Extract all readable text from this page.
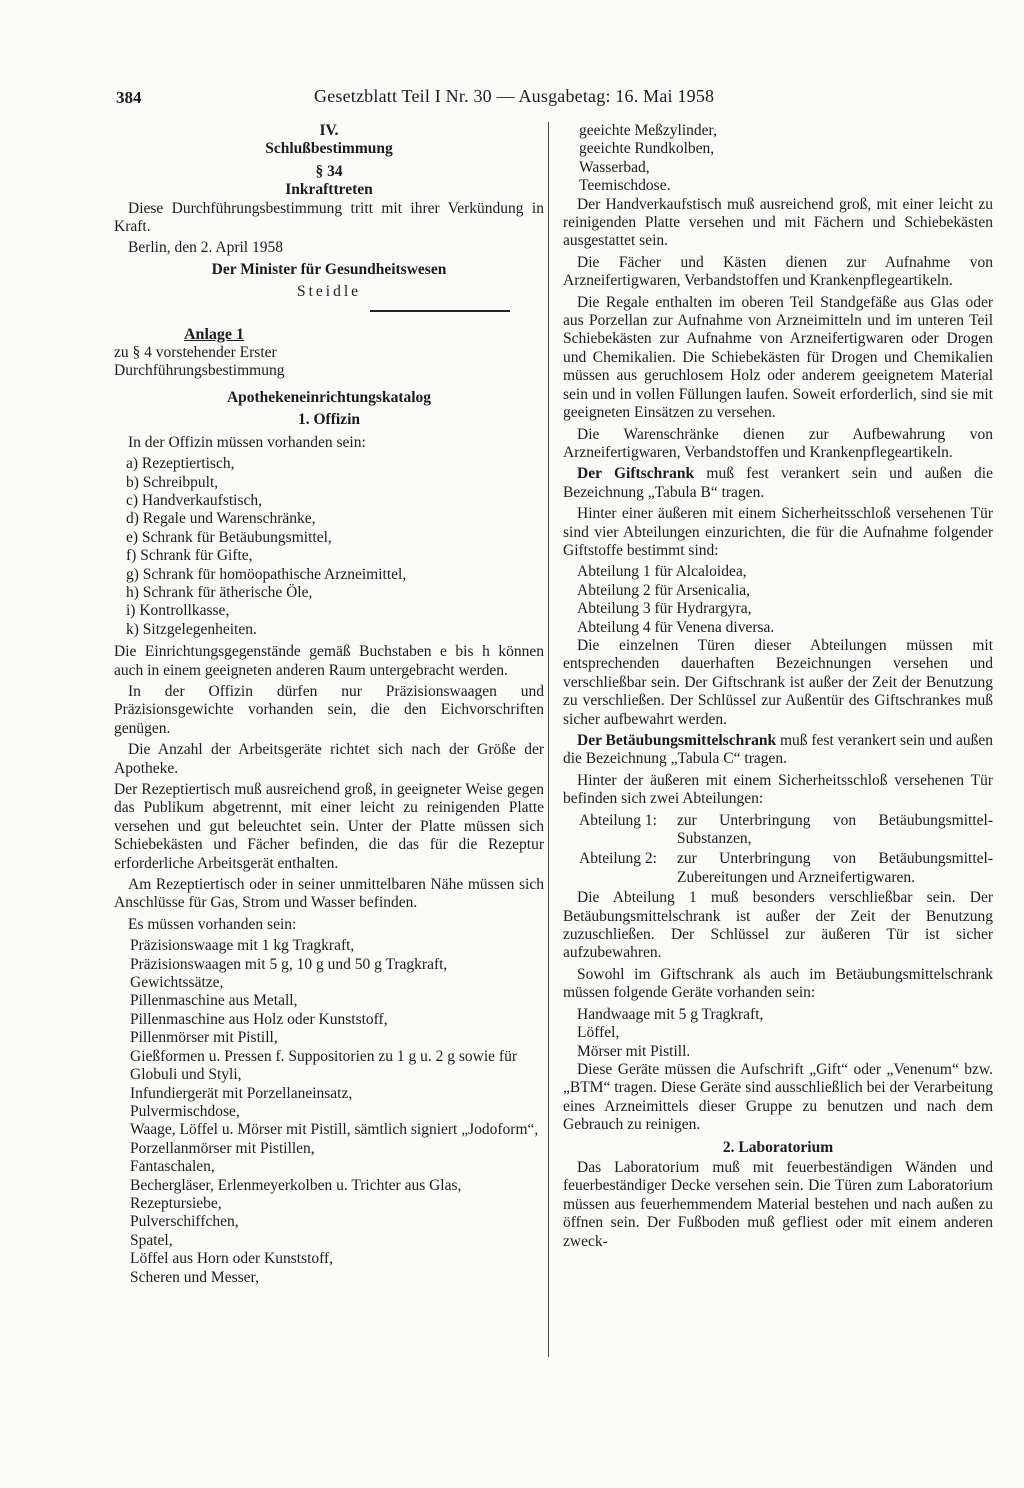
384	Gesetzblatt Teil I Nr. 30 — Ausgabetag: 16. Mai 1958
IV.
Schlußbestimmung
§ 34
Inkrafttreten

Diese Durchführungsbestimmung tritt mit ihrer Verkündung in Kraft.

Berlin, den 2. April 1958

Der Minister für Gesundheitswesen
Steidle
Anlage 1
zu § 4 vorstehender Erster
Durchführungsbestimmung
Apothekeneinrichtungskatalog
1. Offizin

In der Offizin müssen vorhanden sein:

a) Rezeptiertisch,
b) Schreibpult,
c) Handverkaufstisch,
d) Regale und Warenschränke,
e) Schrank für Betäubungsmittel,
f) Schrank für Gifte,
g) Schrank für homöopathische Arzneimittel,
h) Schrank für ätherische Öle,
i) Kontrollkasse,
k) Sitzgelegenheiten.

Die Einrichtungsgegenstände gemäß Buchstaben e bis h können auch in einem geeigneten anderen Raum untergebracht werden.

In der Offizin dürfen nur Präzisionswaagen und Präzisionsgewichte vorhanden sein, die den Eichvorschriften genügen.

Die Anzahl der Arbeitsgeräte richtet sich nach der Größe der Apotheke.

Der Rezeptiertisch muß ausreichend groß, in geeigneter Weise gegen das Publikum abgetrennt, mit einer leicht zu reinigenden Platte versehen und gut beleuchtet sein. Unter der Platte müssen sich Schiebekästen und Fächer befinden, die das für die Rezeptur erforderliche Arbeitsgerät enthalten.

Am Rezeptiertisch oder in seiner unmittelbaren Nähe müssen sich Anschlüsse für Gas, Strom und Wasser befinden.

Es müssen vorhanden sein:

Präzisionswaage mit 1 kg Tragkraft,
Präzisionswaagen mit 5 g, 10 g und 50 g Tragkraft,
Gewichtssätze,
Pillenmaschine aus Metall,
Pillenmaschine aus Holz oder Kunststoff,
Pillenmörser mit Pistill,
Gießformen u. Pressen f. Suppositorien zu 1 g u. 2 g sowie für Globuli und Styli,
Infundiergerät mit Porzellaneinsatz,
Pulvermischdose,
Waage, Löffel u. Mörser mit Pistill, sämtlich signiert „Jodoform“,
Porzellanmörser mit Pistillen,
Fantaschalen,
Bechergläser, Erlenmeyerkolben u. Trichter aus Glas,
Rezeptursiebe,
Pulverschiffchen,
Spatel,
Löffel aus Horn oder Kunststoff,
Scheren und Messer,
geeichte Meßzylinder,
geeichte Rundkolben,
Wasserbad,
Teemischdose.

Der Handverkaufstisch muß ausreichend groß, mit einer leicht zu reinigenden Platte versehen und mit Fächern und Schiebekästen ausgestattet sein.

Die Fächer und Kästen dienen zur Aufnahme von Arzneifertigwaren, Verbandstoffen und Krankenpflegeartikeln.

Die Regale enthalten im oberen Teil Standgefäße aus Glas oder aus Porzellan zur Aufnahme von Arzneimitteln und im unteren Teil Schiebekästen zur Aufnahme von Arzneifertigwaren oder Drogen und Chemikalien. Die Schiebekästen für Drogen und Chemikalien müssen aus geruchlosem Holz oder anderem geeignetem Material sein und in vollen Füllungen laufen. Soweit erforderlich, sind sie mit geeigneten Einsätzen zu versehen.

Die Warenschränke dienen zur Aufbewahrung von Arzneifertigwaren, Verbandstoffen und Krankenpflegeartikeln.

Der Giftschrank muß fest verankert sein und außen die Bezeichnung „Tabula B“ tragen.

Hinter einer äußeren mit einem Sicherheitsschloß versehenen Tür sind vier Abteilungen einzurichten, die für die Aufnahme folgender Giftstoffe bestimmt sind:

Abteilung 1 für Alcaloidea,
Abteilung 2 für Arsenicalia,
Abteilung 3 für Hydrargyra,
Abteilung 4 für Venena diversa.

Die einzelnen Türen dieser Abteilungen müssen mit entsprechenden dauerhaften Bezeichnungen versehen und verschließbar sein. Der Giftschrank ist außer der Zeit der Benutzung zu verschließen. Der Schlüssel zur Außentür des Giftschrankes muß sicher aufbewahrt werden.

Der Betäubungsmittelschrank muß fest verankert sein und außen die Bezeichnung „Tabula C“ tragen.

Hinter der äußeren mit einem Sicherheitsschloß versehenen Tür befinden sich zwei Abteilungen:

Abteilung 1:	zur Unterbringung von Betäubungsmittel-Substanzen,
Abteilung 2:	zur Unterbringung von Betäubungsmittel-Zubereitungen und Arzneifertigwaren.

Die Abteilung 1 muß besonders verschließbar sein. Der Betäubungsmittelschrank ist außer der Zeit der Benutzung zuzuschließen. Der Schlüssel zur äußeren Tür ist sicher aufzubewahren.

Sowohl im Giftschrank als auch im Betäubungsmittelschrank müssen folgende Geräte vorhanden sein:

Handwaage mit 5 g Tragkraft,
Löffel,
Mörser mit Pistill.

Diese Geräte müssen die Aufschrift „Gift“ oder „Venenum“ bzw. „BTM“ tragen. Diese Geräte sind ausschließlich bei der Verarbeitung eines Arzneimittels dieser Gruppe zu benutzen und nach dem Gebrauch zu reinigen.

2. Laboratorium

Das Laboratorium muß mit feuerbeständigen Wänden und feuerbeständiger Decke versehen sein. Die Türen zum Laboratorium müssen aus feuerhemmendem Material bestehen und nach außen zu öffnen sein. Der Fußboden muß gefliest oder mit einem anderen zweck-
